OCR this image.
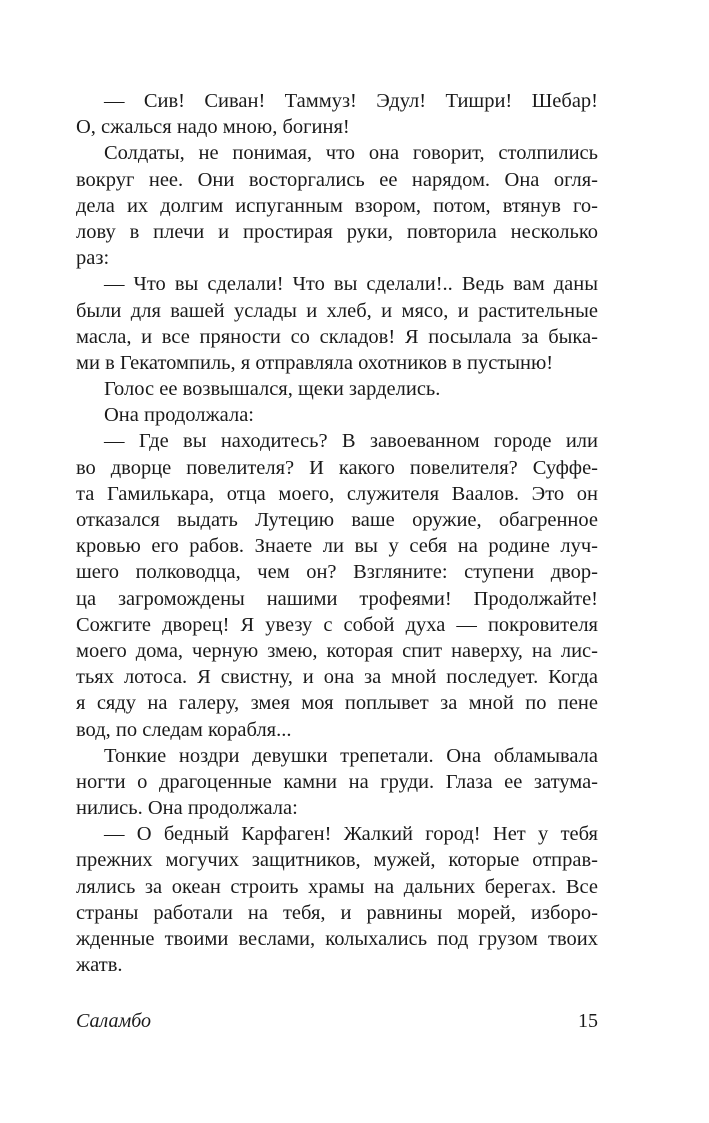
— Сив! Сиван! Таммуз! Эдул! Тишри! Шебар!
О, сжалься надо мною, богиня!
Солдаты, не понимая, что она говорит, столпились
вокруг нее. Они восторгались ее нарядом. Она огля-
дела их долгим испуганным взором, потом, втянув го-
лову в плечи и простирая руки, повторила несколько
раз:
— Что вы сделали! Что вы сделали!.. Ведь вам даны
были для вашей услады и хлеб, и мясо, и растительные
масла, и все пряности со складов! Я посылала за быка-
ми в Гекатомпиль, я отправляла охотников в пустыню!
Голос ее возвышался, щеки зарделись.
Она продолжала:
— Где вы находитесь? В завоеванном городе или
во дворце повелителя? И какого повелителя? Суффе-
та Гамилькара, отца моего, служителя Ваалов. Это он
отказался выдать Лутецию ваше оружие, обагренное
кровью его рабов. Знаете ли вы у себя на родине луч-
шего полководца, чем он? Взгляните: ступени двор-
ца загромождены нашими трофеями! Продолжайте!
Сожгите дворец! Я увезу с собой духа — покровителя
моего дома, черную змею, которая спит наверху, на лис-
тьях лотоса. Я свистну, и она за мной последует. Когда
я сяду на галеру, змея моя поплывет за мной по пене
вод, по следам корабля...
Тонкие ноздри девушки трепетали. Она обламывала
ногти о драгоценные камни на груди. Глаза ее затума-
нились. Она продолжала:
— О бедный Карфаген! Жалкий город! Нет у тебя
прежних могучих защитников, мужей, которые отправ-
лялись за океан строить храмы на дальних берегах. Все
страны работали на тебя, и равнины морей, изборо-
жденные твоими веслами, колыхались под грузом твоих
жатв.
Саламбо	15
